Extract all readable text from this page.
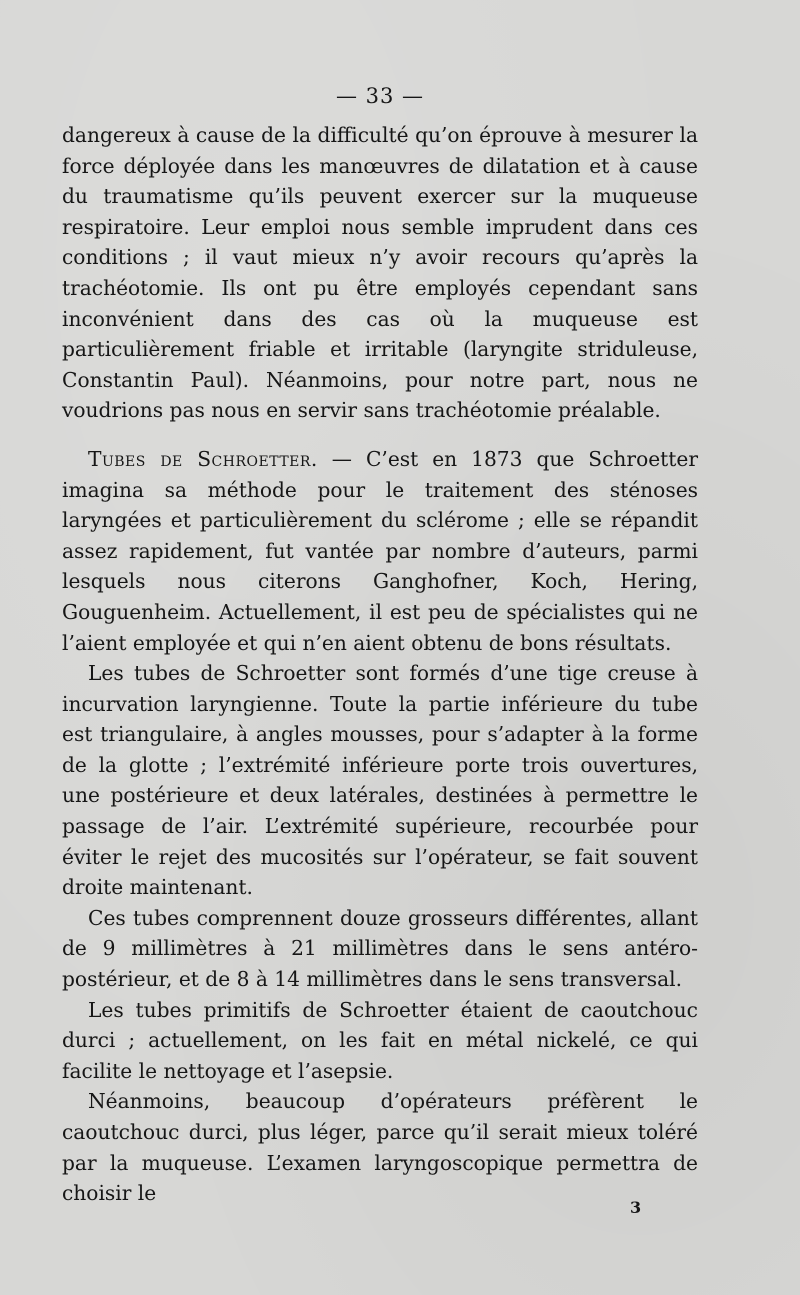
— 33 —

dangereux à cause de la difficulté qu’on éprouve à mesurer la force déployée dans les manœuvres de dilatation et à cause du traumatisme qu’ils peuvent exercer sur la muqueuse respiratoire. Leur emploi nous semble imprudent dans ces conditions ; il vaut mieux n’y avoir recours qu’après la trachéotomie. Ils ont pu être employés cependant sans inconvénient dans des cas où la muqueuse est particulièrement friable et irritable (laryngite striduleuse, Constantin Paul). Néanmoins, pour notre part, nous ne voudrions pas nous en servir sans trachéotomie préalable.

Tubes de Schroetter. — C’est en 1873 que Schroetter imagina sa méthode pour le traitement des sténoses laryngées et particulièrement du sclérome ; elle se répandit assez rapidement, fut vantée par nombre d’auteurs, parmi lesquels nous citerons Ganghofner, Koch, Hering, Gouguenheim. Actuellement, il est peu de spécialistes qui ne l’aient employée et qui n’en aient obtenu de bons résultats.

Les tubes de Schroetter sont formés d’une tige creuse à incurvation laryngienne. Toute la partie inférieure du tube est triangulaire, à angles mousses, pour s’adapter à la forme de la glotte ; l’extrémité inférieure porte trois ouvertures, une postérieure et deux latérales, destinées à permettre le passage de l’air. L’extrémité supérieure, recourbée pour éviter le rejet des mucosités sur l’opérateur, se fait souvent droite maintenant.

Ces tubes comprennent douze grosseurs différentes, allant de 9 millimètres à 21 millimètres dans le sens antéro-postérieur, et de 8 à 14 millimètres dans le sens transversal.

Les tubes primitifs de Schroetter étaient de caoutchouc durci ; actuellement, on les fait en métal nickelé, ce qui facilite le nettoyage et l’asepsie.

Néanmoins, beaucoup d’opérateurs préfèrent le caoutchouc durci, plus léger, parce qu’il serait mieux toléré par la muqueuse. L’examen laryngoscopique permettra de choisir le

3
